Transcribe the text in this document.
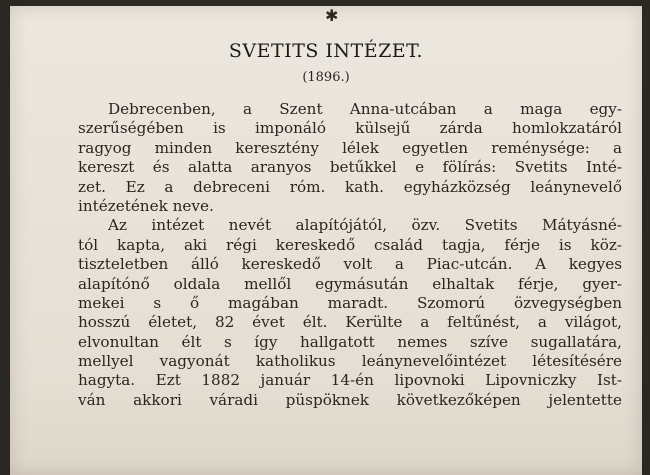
✱
SVETITS INTÉZET.

(1896.)

Debrecenben, a Szent Anna-utcában a maga egy-
szerűségében is imponáló külsejű zárda homlokzatáról
ragyog minden keresztény lélek egyetlen reménysége: a
kereszt és alatta aranyos betűkkel e fölírás: Svetits Inté-
zet. Ez a debreceni róm. kath. egyházközség leánynevelő
intézetének neve.
Az intézet nevét alapítójától, özv. Svetits Mátyásné-
tól kapta, aki régi kereskedő család tagja, férje is köz-
tiszteletben álló kereskedő volt a Piac-utcán. A kegyes
alapítónő oldala mellől egymásután elhaltak férje, gyer-
mekei s ő magában maradt. Szomorú özvegységben
hosszú életet, 82 évet élt. Kerülte a feltűnést, a világot,
elvonultan élt s így hallgatott nemes szíve sugallatára,
mellyel vagyonát katholikus leánynevelőintézet létesítésére
hagyta. Ezt 1882 január 14-én lipovnoki Lipovniczky Ist-
ván akkori váradi püspöknek következőképen jelentette
